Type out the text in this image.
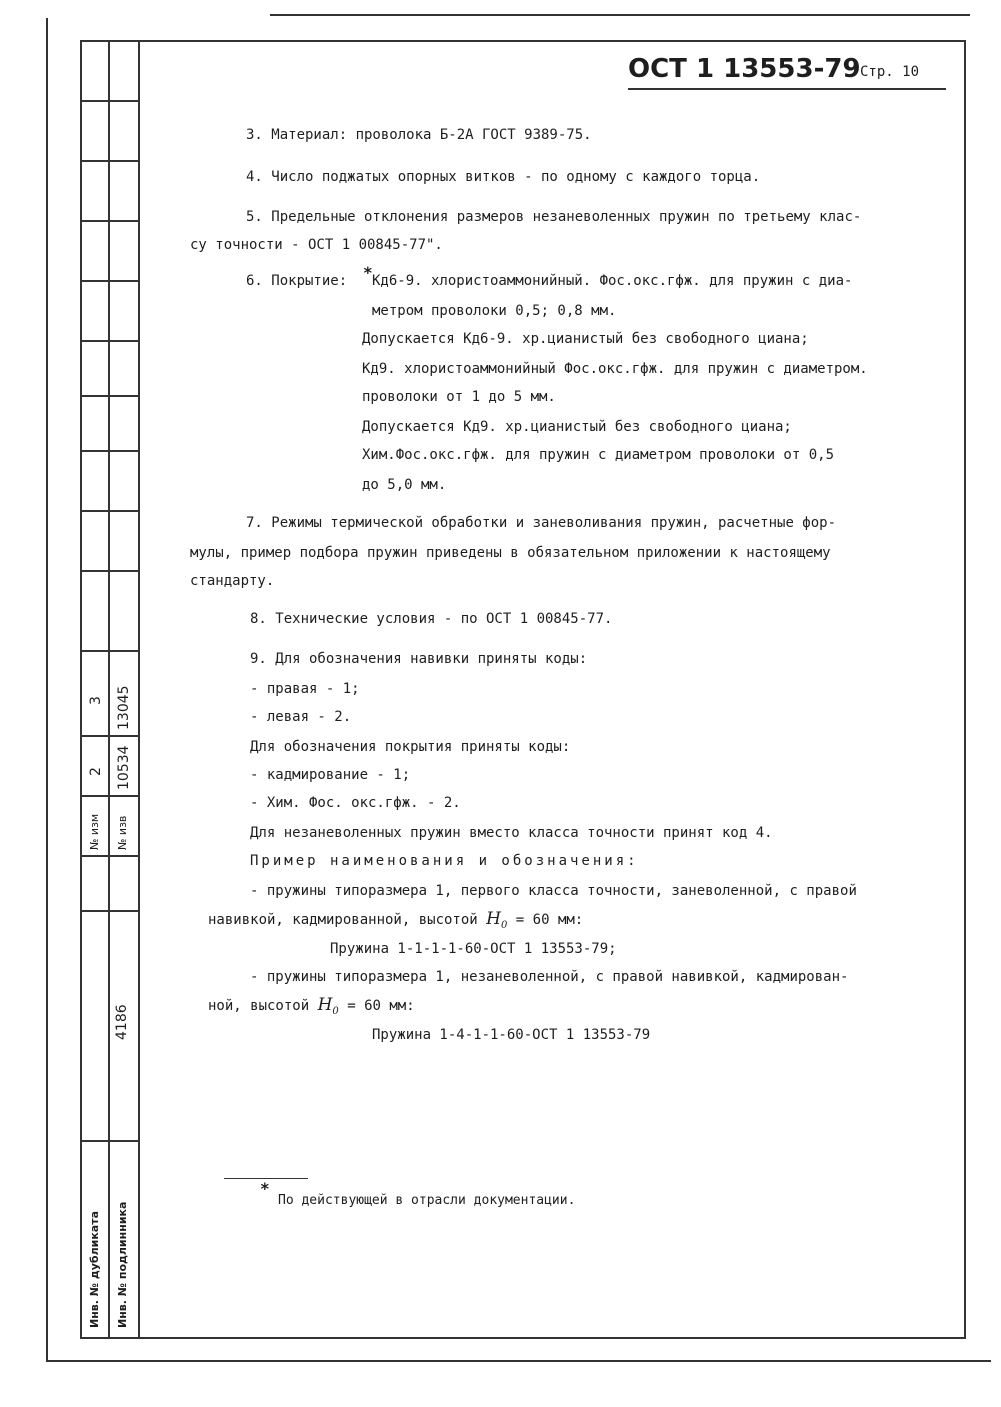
3 13045
2 10534
№ изм № изв
4186
Инв. № дубликата Инв. № подлинника
ОСТ 1 13553-79 Стр. 10
3. Материал: проволока Б-2А ГОСТ 9389-75.
4. Число поджатых опорных витков - по одному с каждого торца.
5. Предельные отклонения размеров незаневоленных пружин по третьему клас-
су точности - ОСТ 1 00845-77".
6. Покрытие: * Кд6-9. хлористоаммонийный. Фос.окс.гфж. для пружин с диа-
метром проволоки 0,5; 0,8 мм.
Допускается Кд6-9. хр.цианистый без свободного циана;
Кд9. хлористоаммонийный Фос.окс.гфж. для пружин с диаметром.
проволоки от 1 до 5 мм.
Допускается Кд9. хр.цианистый без свободного циана;
Хим.Фос.окс.гфж. для пружин с диаметром проволоки от 0,5
до 5,0 мм.
7. Режимы термической обработки и заневоливания пружин, расчетные фор-
мулы, пример подбора пружин приведены в обязательном приложении к настоящему
стандарту.
8. Технические условия - по ОСТ 1 00845-77.
9. Для обозначения навивки приняты коды:
- правая - 1;
- левая - 2.
Для обозначения покрытия приняты коды:
- кадмирование - 1;
- Хим. Фос. окс.гфж. - 2.
Для незаневоленных пружин вместо класса точности принят код 4.
Пример наименования и обозначения:
- пружины типоразмера 1, первого класса точности, заневоленной, с правой
навивкой, кадмированной, высотой $H_0 = 60$ мм:
Пружина 1-1-1-1-60-ОСТ 1 13553-79;
- пружины типоразмера 1, незаневоленной, с правой навивкой, кадмирован-
ной, высотой $H_0 = 60$ мм:
Пружина 1-4-1-1-60-ОСТ 1 13553-79
*
По действующей в отрасли документации.
